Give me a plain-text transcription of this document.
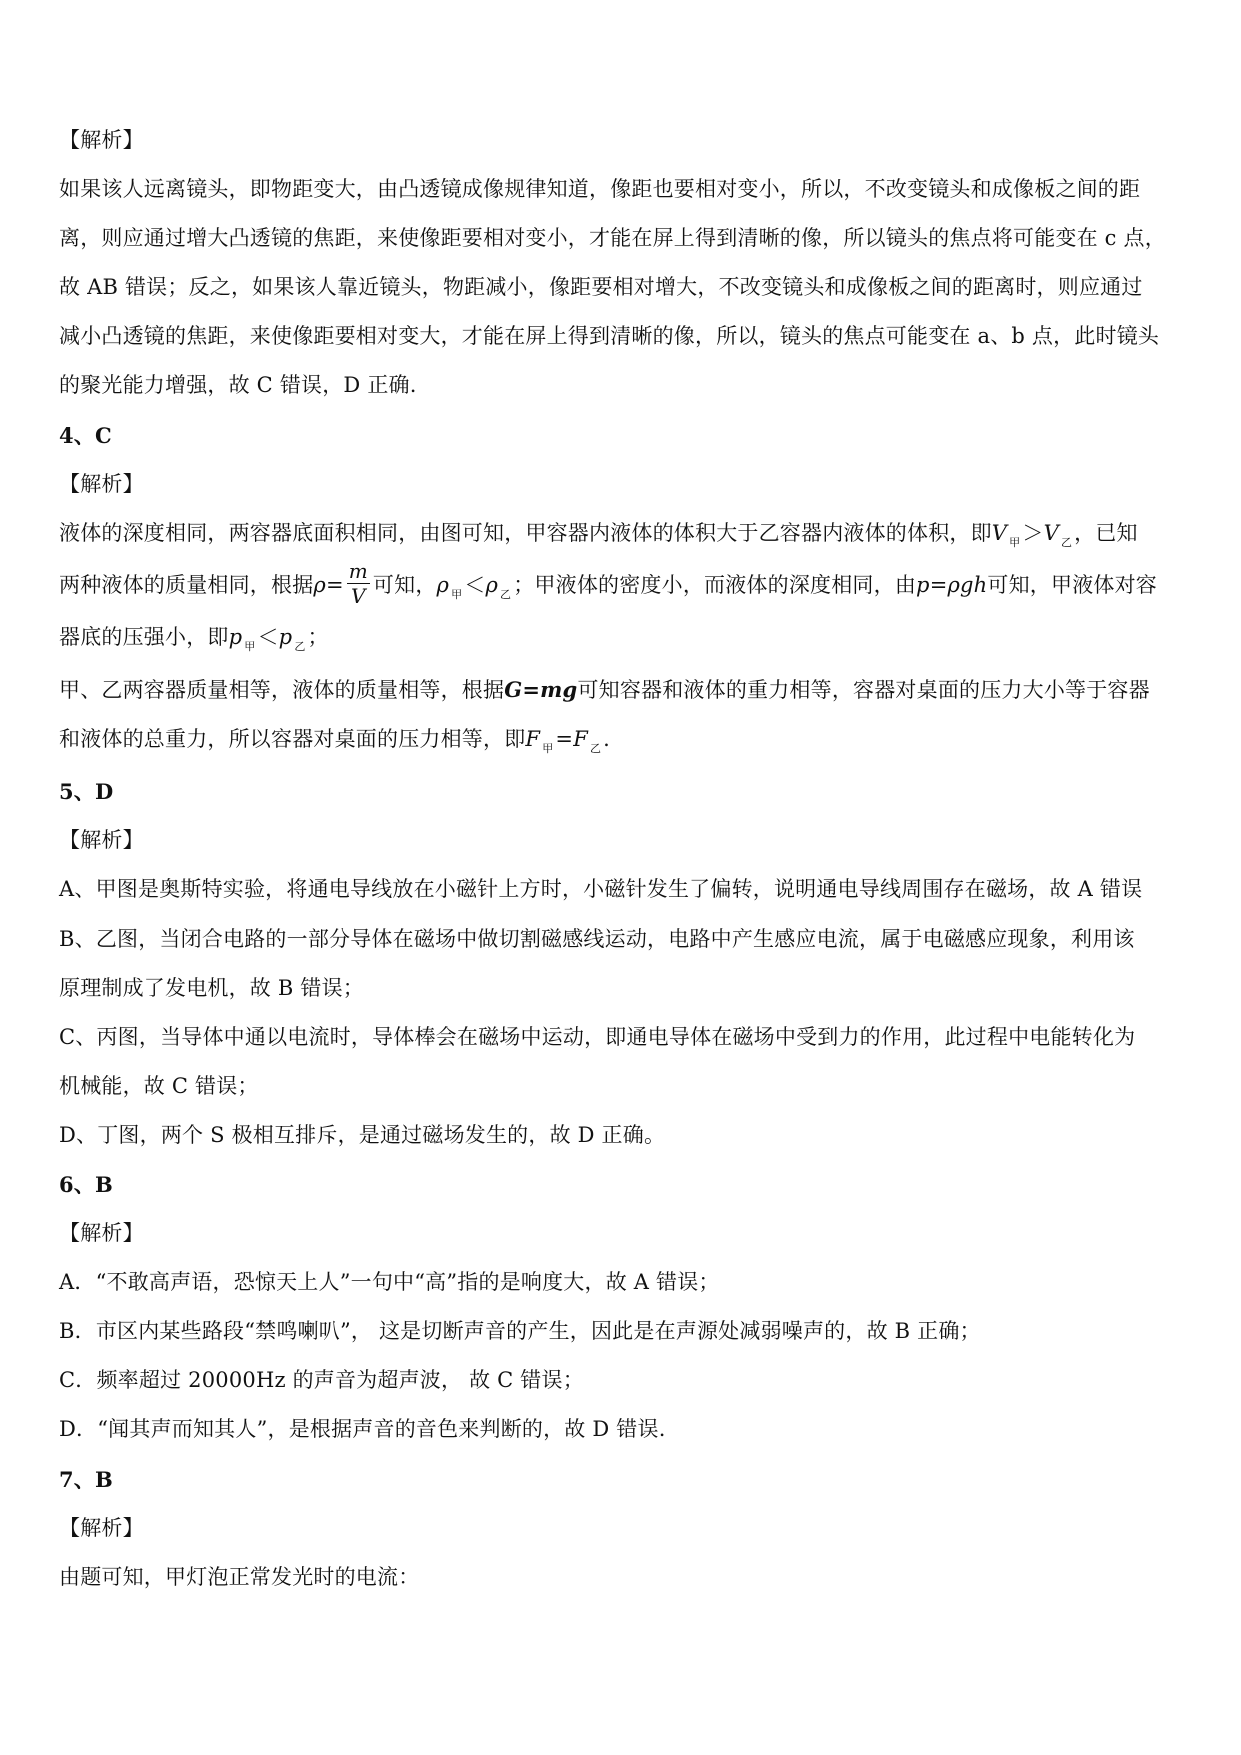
【解析】
如果该人远离镜头，即物距变大，由凸透镜成像规律知道，像距也要相对变小，所以，不改变镜头和成像板之间的距
离，则应通过增大凸透镜的焦距，来使像距要相对变小，才能在屏上得到清晰的像，所以镜头的焦点将可能变在 c 点，
故 AB 错误；反之，如果该人靠近镜头，物距减小，像距要相对增大，不改变镜头和成像板之间的距离时，则应通过
减小凸透镜的焦距，来使像距要相对变大，才能在屏上得到清晰的像，所以，镜头的焦点可能变在 a、b 点，此时镜头
的聚光能力增强，故 C 错误，D 正确.
4、C
【解析】
液体的深度相同，两容器底面积相同，由图可知，甲容器内液体的体积大于乙容器内液体的体积，即V $_甲$＞V $_乙$，已知
两种液体的质量相同，根据$\rho= \frac{m}{V}$ 可知，ρ $_甲$＜ρ $_乙$；甲液体的密度小，而液体的深度相同，由p=ρgh可知，甲液体对容
器底的压强小，即p $_甲$＜p $_乙$；
甲、乙两容器质量相等，液体的质量相等，根据G=mg可知容器和液体的重力相等，容器对桌面的压力大小等于容器
和液体的总重力，所以容器对桌面的压力相等，即F $_甲$=F $_乙$.
5、D
【解析】
A、甲图是奥斯特实验，将通电导线放在小磁针上方时，小磁针发生了偏转，说明通电导线周围存在磁场，故 A 错误
B、乙图，当闭合电路的一部分导体在磁场中做切割磁感线运动，电路中产生感应电流，属于电磁感应现象，利用该
原理制成了发电机，故 B 错误；
C、丙图，当导体中通以电流时，导体棒会在磁场中运动，即通电导体在磁场中受到力的作用，此过程中电能转化为
机械能，故 C 错误；
D、丁图，两个 S 极相互排斥，是通过磁场发生的，故 D 正确。
6、B
【解析】
A．“不敢高声语，恐惊天上人”一句中“高”指的是响度大，故 A 错误；
B．市区内某些路段“禁鸣喇叭”， 这是切断声音的产生，因此是在声源处减弱噪声的，故 B 正确；
C．频率超过 20000Hz 的声音为超声波， 故 C 错误；
D．“闻其声而知其人”，是根据声音的音色来判断的，故 D 错误.
7、B
【解析】
由题可知，甲灯泡正常发光时的电流：
